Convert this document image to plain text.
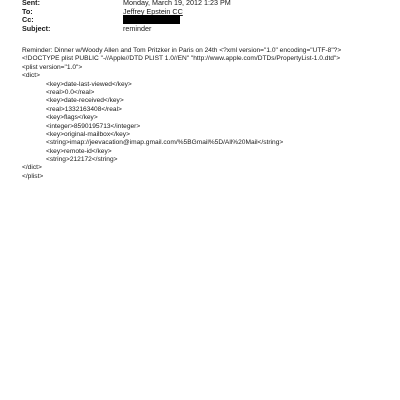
Sent:	Monday, March 19, 2012 1:23 PM
To:	Jeffrey Epstein CC
Cc:
Subject:	reminder
Reminder: Dinner w/Woody Allen and Tom Pritzker in Paris on 24th <?xml version="1.0" encoding="UTF-8"?>
<!DOCTYPE plist PUBLIC "-//Apple//DTD PLIST 1.0//EN" "http://www.apple.com/DTDs/PropertyList-1.0.dtd">
<plist version="1.0">
<dict>
<key>date-last-viewed</key>
<real>0.0</real>
<key>date-received</key>
<real>1332163408</real>
<key>flags</key>
<integer>8590195713</integer>
<key>original-mailbox</key>
<string>imap://jeevacation@imap.gmail.com/%5BGmail%5D/All%20Mail</string>
<key>remote-id</key>
<string>212172</string>
</dict>
</plist>
